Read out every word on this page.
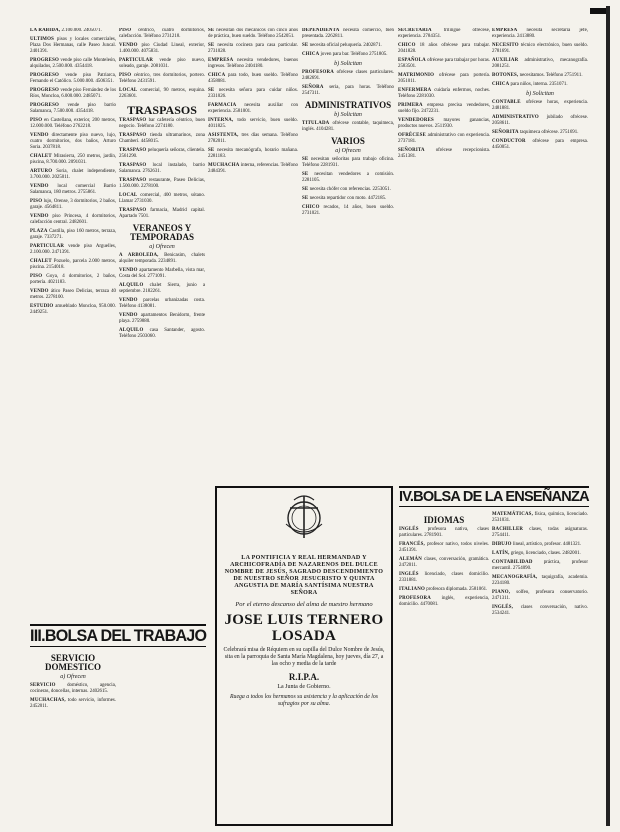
LA RÁBIDA, 2.100.000. 2405071.
ULTIMOS pisos y locales comerciales, Plaza Dos Hermanas, calle Paseo Juncal. 2401391.
PROGRESO vende piso calle Monteleón, alquilados, 2.500.000. 4354418.
PROGRESO vende piso Patriarca, Fernando el Católico. 5.000.000. 4506351.
PROGRESO vende piso Fernández de los Ríos, Moncloa, 6.000.000. 2485071.
PROGRESO vende piso barrio Salamanca, 7.500.000. 4354418.
PISO en Castellana, exterior, 200 metros, 12.000.000. Teléfono 2762218.
VENDO directamente piso nuevo, lujo, cuatro dormitorios, dos baños, Arturo Soria. 2037818.
CHALET Mirasierra, 250 metros, jardín, piscina, 8.700.000. 2091031.
ARTURO Soria, chalet independiente, 3.700.000. 2025011.
VENDO local comercial Barrio Salamanca, 180 metros. 2755861.
PISO lujo, Orense, 3 dormitorios, 2 baños, garaje. 4564811.
VENDO piso Princesa, 4 dormitorios, calefacción central. 2482601.
PLAZA Castilla, piso 160 metros, terraza, garaje. 7337271.
PARTICULAR vende piso Arguelles, 2.100.000. 2471391.
CHALET Pozuelo, parcela 2.000 metros, piscina. 2154018.
PISO Goya, 4 dormitorios, 2 baños, portería. 4021183.
VENDO ático Paseo Delicias, terraza 40 metros. 2278100.
ESTUDIO amueblado Moncloa, 950.000. 2449251.
PISO céntrico, cuatro dormitorios, calefacción. Teléfono 2731218.
VENDO piso Ciudad Lineal, exterior, 1.400.000. 4075831.
PARTICULAR vende piso nuevo, soleado, garaje. 2081031.
PISO céntrico, tres dormitorios, portero. Teléfono 2431591.
LOCAL comercial, 90 metros, esquina. 2263601.
TRASPASOS
TRASPASO bar cafetería céntrico, buen negocio. Teléfono 2274180.
TRASPASO tienda ultramarinos, zona Chamberí. 4458015.
TRASPASO peluquería señoras, clientela. 2561290.
TRASPASO local instalado, barrio Salamanca. 2762631.
TRASPASO restaurante, Paseo Delicias, 1.500.000. 2278100.
LOCAL comercial, 400 metros, sótano. Llamar 2731030.
TRASPASO farmacia, Madrid capital. Apartado 7501.
VERANEOS Y TEMPORADAS
a) Ofrecen
A ARBOLEDA, Benicasim, chalets alquiler temporada. 2234891.
VENDO apartamento Marbella, vista mar, Costa del Sol. 2771091.
ALQUILO chalet Sierra, junio a septiembre. 2182261.
VENDO parcelas urbanizadas costa. Teléfono 4138081.
VENDO apartamentos Benidorm, frente playa. 2759880.
ALQUILO casa Santander, agosto. Teléfono 2503060.
SE necesitan dos mecánicos con cinco años de práctica, buen sueldo. Teléfono 2542051.
SE necesita cocinera para casa particular. 2731028.
EMPRESA necesita vendedores, buenos ingresos. Teléfono 2404180.
CHICA para todo, buen sueldo. Teléfono 4358081.
SE necesita señora para cuidar niños. 2331026.
FARMACIA necesita auxiliar con experiencia. 2581001.
INTERNA, todo servicio, buen sueldo. 4011825.
ASISTENTA, tres días semana. Teléfono 2782011.
SE necesita mecanógrafa, horario mañana. 2281183.
MUCHACHA interna, referencias. Teléfono 2484391.
DEPENDIENTA necesita comercio, bien presentada. 2262811.
SE necesita oficial peluquería. 2402871.
CHICA joven para bar. Teléfono 2751805.
b) Solicitan
PROFESORA ofrécese clases particulares. 2482691.
SEÑORA seria, para horas. Teléfono 2547311.
ADMINISTRATIVOS
b) Solicitan
TITULADA ofrécese contable, taquimeca, inglés. 4104281.
VARIOS
a) Ofrecen
SE necesitan señoritas para trabajo oficina. Teléfono 2281931.
SE necesitan vendedores a comisión. 2281105.
SE necesita chófer con referencias. 2253051.
SE necesita repartidor con moto. 4472185.
CHICO recados, 14 años, buen sueldo. 2731021.
SECRETARIA trilingüe ofrécese, experiencia. 2784351.
CHICO 18 años ofrécese para trabajar. 2041828.
ESPAÑOLA ofrécese para trabajar por horas. 2583501.
MATRIMONIO ofrécese para portería. 2051011.
ENFERMERA cuidaría enfermos, noches. Teléfono 2281030.
PRIMERA empresa precisa vendedores, sueldo fijo. 2472231.
VENDEDORES mayores ganancias, productos nuevos. 2511930.
OFRÉCESE administrativo con experiencia. 2737181.
SEÑORITA ofrécese recepcionista. 2451381.
EMPRESA necesita secretaria jefe, experiencia. 2413880.
NECESITO técnico electrónico, buen sueldo. 2781691.
AUXILIAR administrativo, mecanografía. 2081251.
BOTONES, necesitamos. Teléfono 2751911.
CHICA para niños, interna. 2351071.
b) Solicitan
CONTABLE ofrécese horas, experiencia. 2481881.
ADMINISTRATIVO jubilado ofrécese. 2058611.
SEÑORITA taquimeca ofrécese. 2751691.
CONDUCTOR ofrécese para empresa. 4450051.
III.BOLSA DEL TRABAJO
SERVICIO DOMESTICO
a) Ofrecen
SERVICIO doméstico, agencia, cocineras, doncellas, internas. 2402615.
MUCHACHAS, todo servicio, informes. 2452011.
LA PONTIFICIA Y REAL HERMANDAD Y ARCHICOFRADÍA DE NAZARENOS DEL DULCE NOMBRE DE JESÚS, SAGRADO DESCENDIMIENTO DE NUESTRO SEÑOR JESUCRISTO Y QUINTA ANGUSTIA DE MARÍA SANTÍSIMA NUESTRA SEÑORA
Por el eterno descanso del alma de nuestro hermano
JOSE LUIS TERNERO LOSADA
Celebrará misa de Réquiem en su capilla del Dulce Nombre de Jesús, sita en la parroquia de Santa María Magdalena, hoy jueves, día 27, a las ocho y media de la tarde
R.I.P.A.
La Junta de Gobierno.
Ruega a todos los hermanos su asistencia y la aplicación de los sufragios por su alma.
IV.BOLSA DE LA ENSEÑANZA
IDIOMAS
INGLÉS profesora nativa, clases particulares. 2781901.
FRANCÉS, profesor nativo, todos niveles. 2451391.
ALEMÁN clases, conversación, gramática. 2472011.
INGLÉS licenciado, clases domicilio. 2331881.
ITALIANO profesora diplomada. 2581061.
PROFESORA inglés, experiencia, domicilio. 4470081.
MATEMÁTICAS, física, química, licenciado. 2531031.
BACHILLER clases, todas asignaturas. 2754411.
DIBUJO lineal, artístico, profesor. 4481321.
LATÍN, griego, licenciado, clases. 2482001.
CONTABILIDAD práctica, profesor mercantil. 2754090.
MECANOGRAFÍA, taquigrafía, academia. 2234180.
PIANO, solfeo, profesora conservatorio. 2471311.
INGLÉS, clases conversación, nativo. 2534241.
